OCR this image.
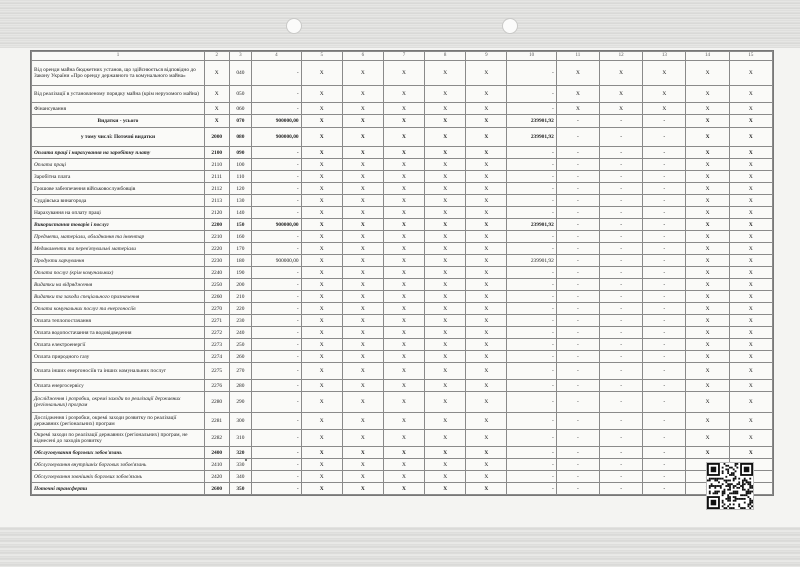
1	2	3	4	5	6	7	8	9	10	11	12	13	14	15
Від оренди майна бюджетних установ, що здійснюється відповідно до Закону України «Про оренду державного та комунального майна»	Х	040	-	Х	Х	Х	Х	Х	-	Х	Х	Х	Х	Х
Від реалізації в установленому порядку майна (крім нерухомого майна)	Х	050	-	Х	Х	Х	Х	Х	-	Х	Х	Х	Х	Х
Фінансування	Х	060	-	Х	Х	Х	Х	Х	-	Х	Х	Х	Х	Х
Видатки - усього	Х	070	900000,00	Х	Х	Х	Х	Х	239901,92	-	-	-	Х	Х
у тому числі: Поточні видатки	2000	080	900000,00	Х	Х	Х	Х	Х	239901,92	-	-	-	Х	Х
Оплата праці і нарахування на заробітну плату	2100	090	-	Х	Х	Х	Х	Х	-	-	-	-	Х	Х
Оплата праці	2110	100	-	Х	Х	Х	Х	Х	-	-	-	-	Х	Х
Заробітна плата	2111	110	-	Х	Х	Х	Х	Х	-	-	-	-	Х	Х
Грошове забезпечення військовослужбовців	2112	120	-	Х	Х	Х	Х	Х	-	-	-	-	Х	Х
Суддівська винагорода	2113	130	-	Х	Х	Х	Х	Х	-	-	-	-	Х	Х
Нарахування на оплату праці	2120	140	-	Х	Х	Х	Х	Х	-	-	-	-	Х	Х
Використання товарів і послуг	2200	150	900000,00	Х	Х	Х	Х	Х	239901,92	-	-	-	Х	Х
Предмети, матеріали, обладнання та інвентар	2210	160	-	Х	Х	Х	Х	Х	-	-	-	-	Х	Х
Медикаменти та перев'язувальні матеріали	2220	170	-	Х	Х	Х	Х	Х	-	-	-	-	Х	Х
Продукти харчування	2230	180	900000,00	Х	Х	Х	Х	Х	239901,92	-	-	-	Х	Х
Оплата послуг (крім комунальних)	2240	190	-	Х	Х	Х	Х	Х	-	-	-	-	Х	Х
Видатки на відрядження	2250	200	-	Х	Х	Х	Х	Х	-	-	-	-	Х	Х
Видатки та заходи спеціального призначення	2260	210	-	Х	Х	Х	Х	Х	-	-	-	-	Х	Х
Оплата комунальних послуг та енергоносіїв	2270	220	-	Х	Х	Х	Х	Х	-	-	-	-	Х	Х
Оплата теплопостачання	2271	230	-	Х	Х	Х	Х	Х	-	-	-	-	Х	Х
Оплата водопостачання та водовідведення	2272	240	-	Х	Х	Х	Х	Х	-	-	-	-	Х	Х
Оплата електроенергії	2273	250	-	Х	Х	Х	Х	Х	-	-	-	-	Х	Х
Оплата природного газу	2274	260	-	Х	Х	Х	Х	Х	-	-	-	-	Х	Х
Оплата інших енергоносіїв та інших комунальних послуг	2275	270	-	Х	Х	Х	Х	Х	-	-	-	-	Х	Х
Оплата енергосервісу	2276	280	-	Х	Х	Х	Х	Х	-	-	-	-	Х	Х
Дослідження і розробки, окремі заходи по реалізації державних (регіональних) програм	2280	290	-	Х	Х	Х	Х	Х	-	-	-	-	Х	Х
Дослідження і розробки, окремі заходи розвитку по реалізації державних (регіональних) програм	2281	300	-	Х	Х	Х	Х	Х	-	-	-	-	Х	Х
Окремі заходи по реалізації державних (регіональних) програм, не віднесені до заходів розвитку	2282	310	-	Х	Х	Х	Х	Х	-	-	-	-	Х	Х
Обслуговування боргових зобов'язань	2400	320	-	Х	Х	Х	Х	Х	-	-	-	-	Х	Х
Обслуговування внутрішніх боргових зобов'язань	2410	330	-	Х	Х	Х	Х	Х	-	-	-	-		
Обслуговування зовнішніх боргових зобов'язань	2420	340	-	Х	Х	Х	Х	Х	-	-	-	-		
Поточні трансферти	2600	350	-	Х	Х	Х	Х	Х	-	-	-	-		
